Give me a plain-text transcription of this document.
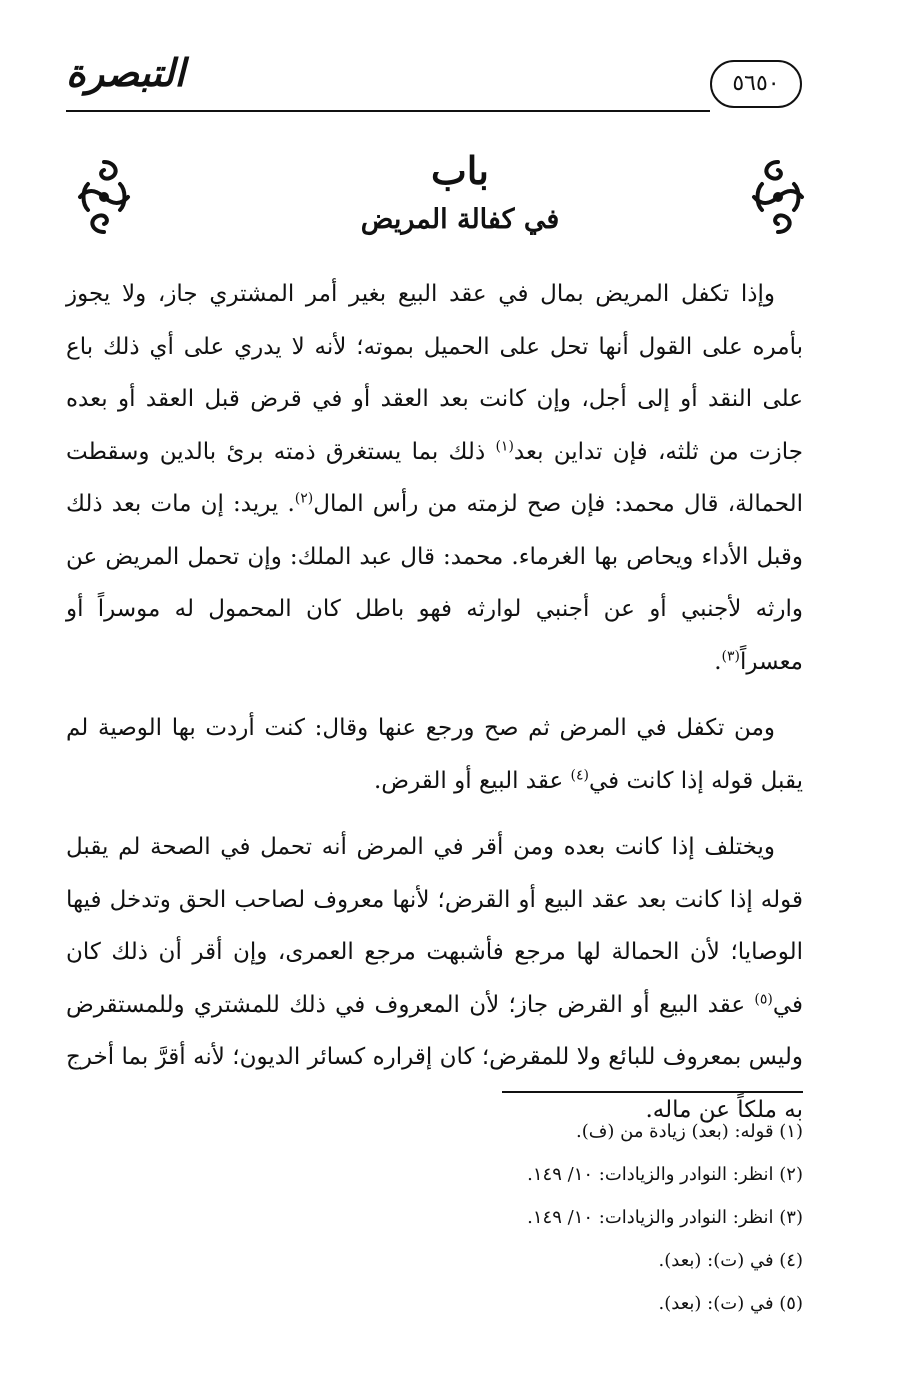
التبصرة	٥٦٥٠
باب
في كفالة المريض

وإذا تكفل المريض بمال في عقد البيع بغير أمر المشتري جاز، ولا يجوز بأمره على القول أنها تحل على الحميل بموته؛ لأنه لا يدري على أي ذلك باع على النقد أو إلى أجل، وإن كانت بعد العقد أو في قرض قبل العقد أو بعده جازت من ثلثه، فإن تداين بعد$^{(١)}$ ذلك بما يستغرق ذمته برئ بالدين وسقطت الحمالة، قال محمد: فإن صح لزمته من رأس المال$^{(٢)}$. يريد: إن مات بعد ذلك وقبل الأداء ويحاص بها الغرماء. محمد: قال عبد الملك: وإن تحمل المريض عن وارثه لأجنبي أو عن أجنبي لوارثه فهو باطل كان المحمول له موسراً أو معسراً$^{(٣)}$.

ومن تكفل في المرض ثم صح ورجع عنها وقال: كنت أردت بها الوصية لم يقبل قوله إذا كانت في$^{(٤)}$ عقد البيع أو القرض.

ويختلف إذا كانت بعده ومن أقر في المرض أنه تحمل في الصحة لم يقبل قوله إذا كانت بعد عقد البيع أو القرض؛ لأنها معروف لصاحب الحق وتدخل فيها الوصايا؛ لأن الحمالة لها مرجع فأشبهت مرجع العمرى، وإن أقر أن ذلك كان في$^{(٥)}$ عقد البيع أو القرض جاز؛ لأن المعروف في ذلك للمشتري وللمستقرض وليس بمعروف للبائع ولا للمقرض؛ كان إقراره كسائر الديون؛ لأنه أقرَّ بما أخرج به ملكاً عن ماله.

(١) قوله: (بعد) زيادة من (ف).

(٢) انظر: النوادر والزيادات: ١٠/ ١٤٩.

(٣) انظر: النوادر والزيادات: ١٠/ ١٤٩.

(٤) في (ت): (بعد).

(٥) في (ت): (بعد).
